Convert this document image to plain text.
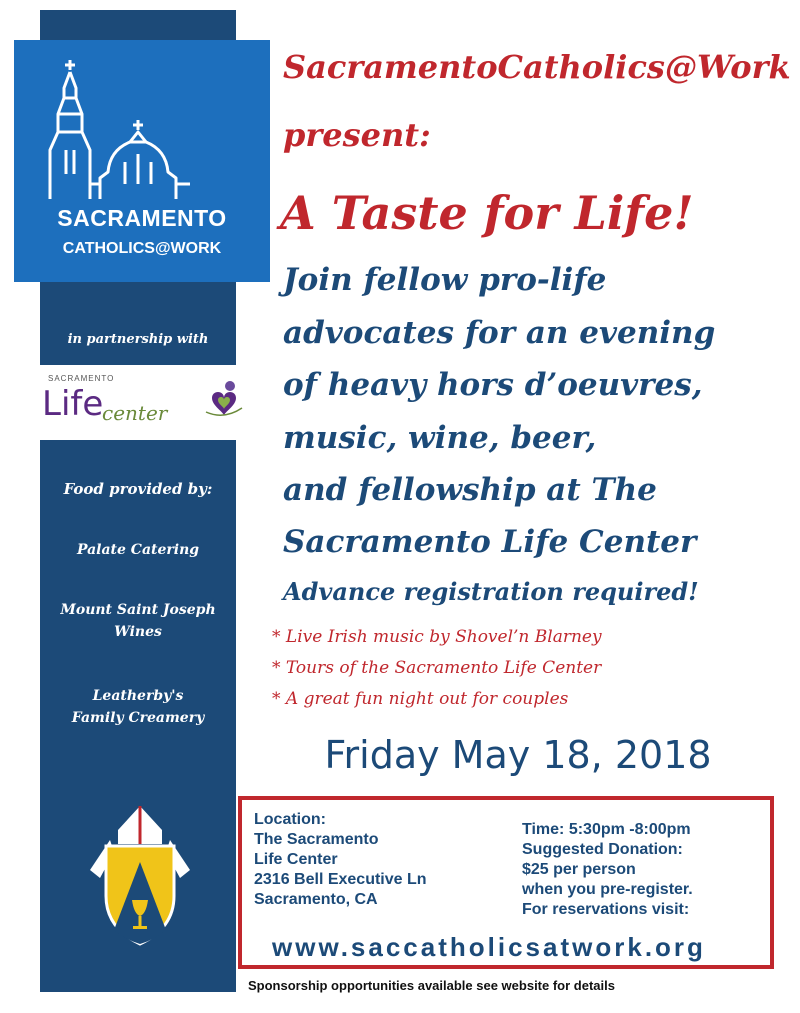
SACRAMENTO
CATHOLICS@WORK
in partnership with
SACRAMENTO
Life
center
Food provided by:
Palate Catering
Mount Saint Joseph
Wines
Leatherby's
Family Creamery
SacramentoCatholics@Work
present:
A Taste for Life!
Join fellow pro-life
advocates for an evening
of heavy hors d’oeuvres,
music, wine, beer,
and fellowship at The
Sacramento Life Center
Advance registration required!
* Live Irish music by Shovel’n Blarney
* Tours of the Sacramento Life Center
* A great fun night out for couples
Friday May 18, 2018
Location:
The Sacramento
Life Center
2316 Bell Executive Ln
Sacramento, CA
Time: 5:30pm -8:00pm
Suggested Donation:
$25 per person
when you pre-register.
For reservations visit:
www.saccatholicsatwork.org
Sponsorship opportunities available see website for details
